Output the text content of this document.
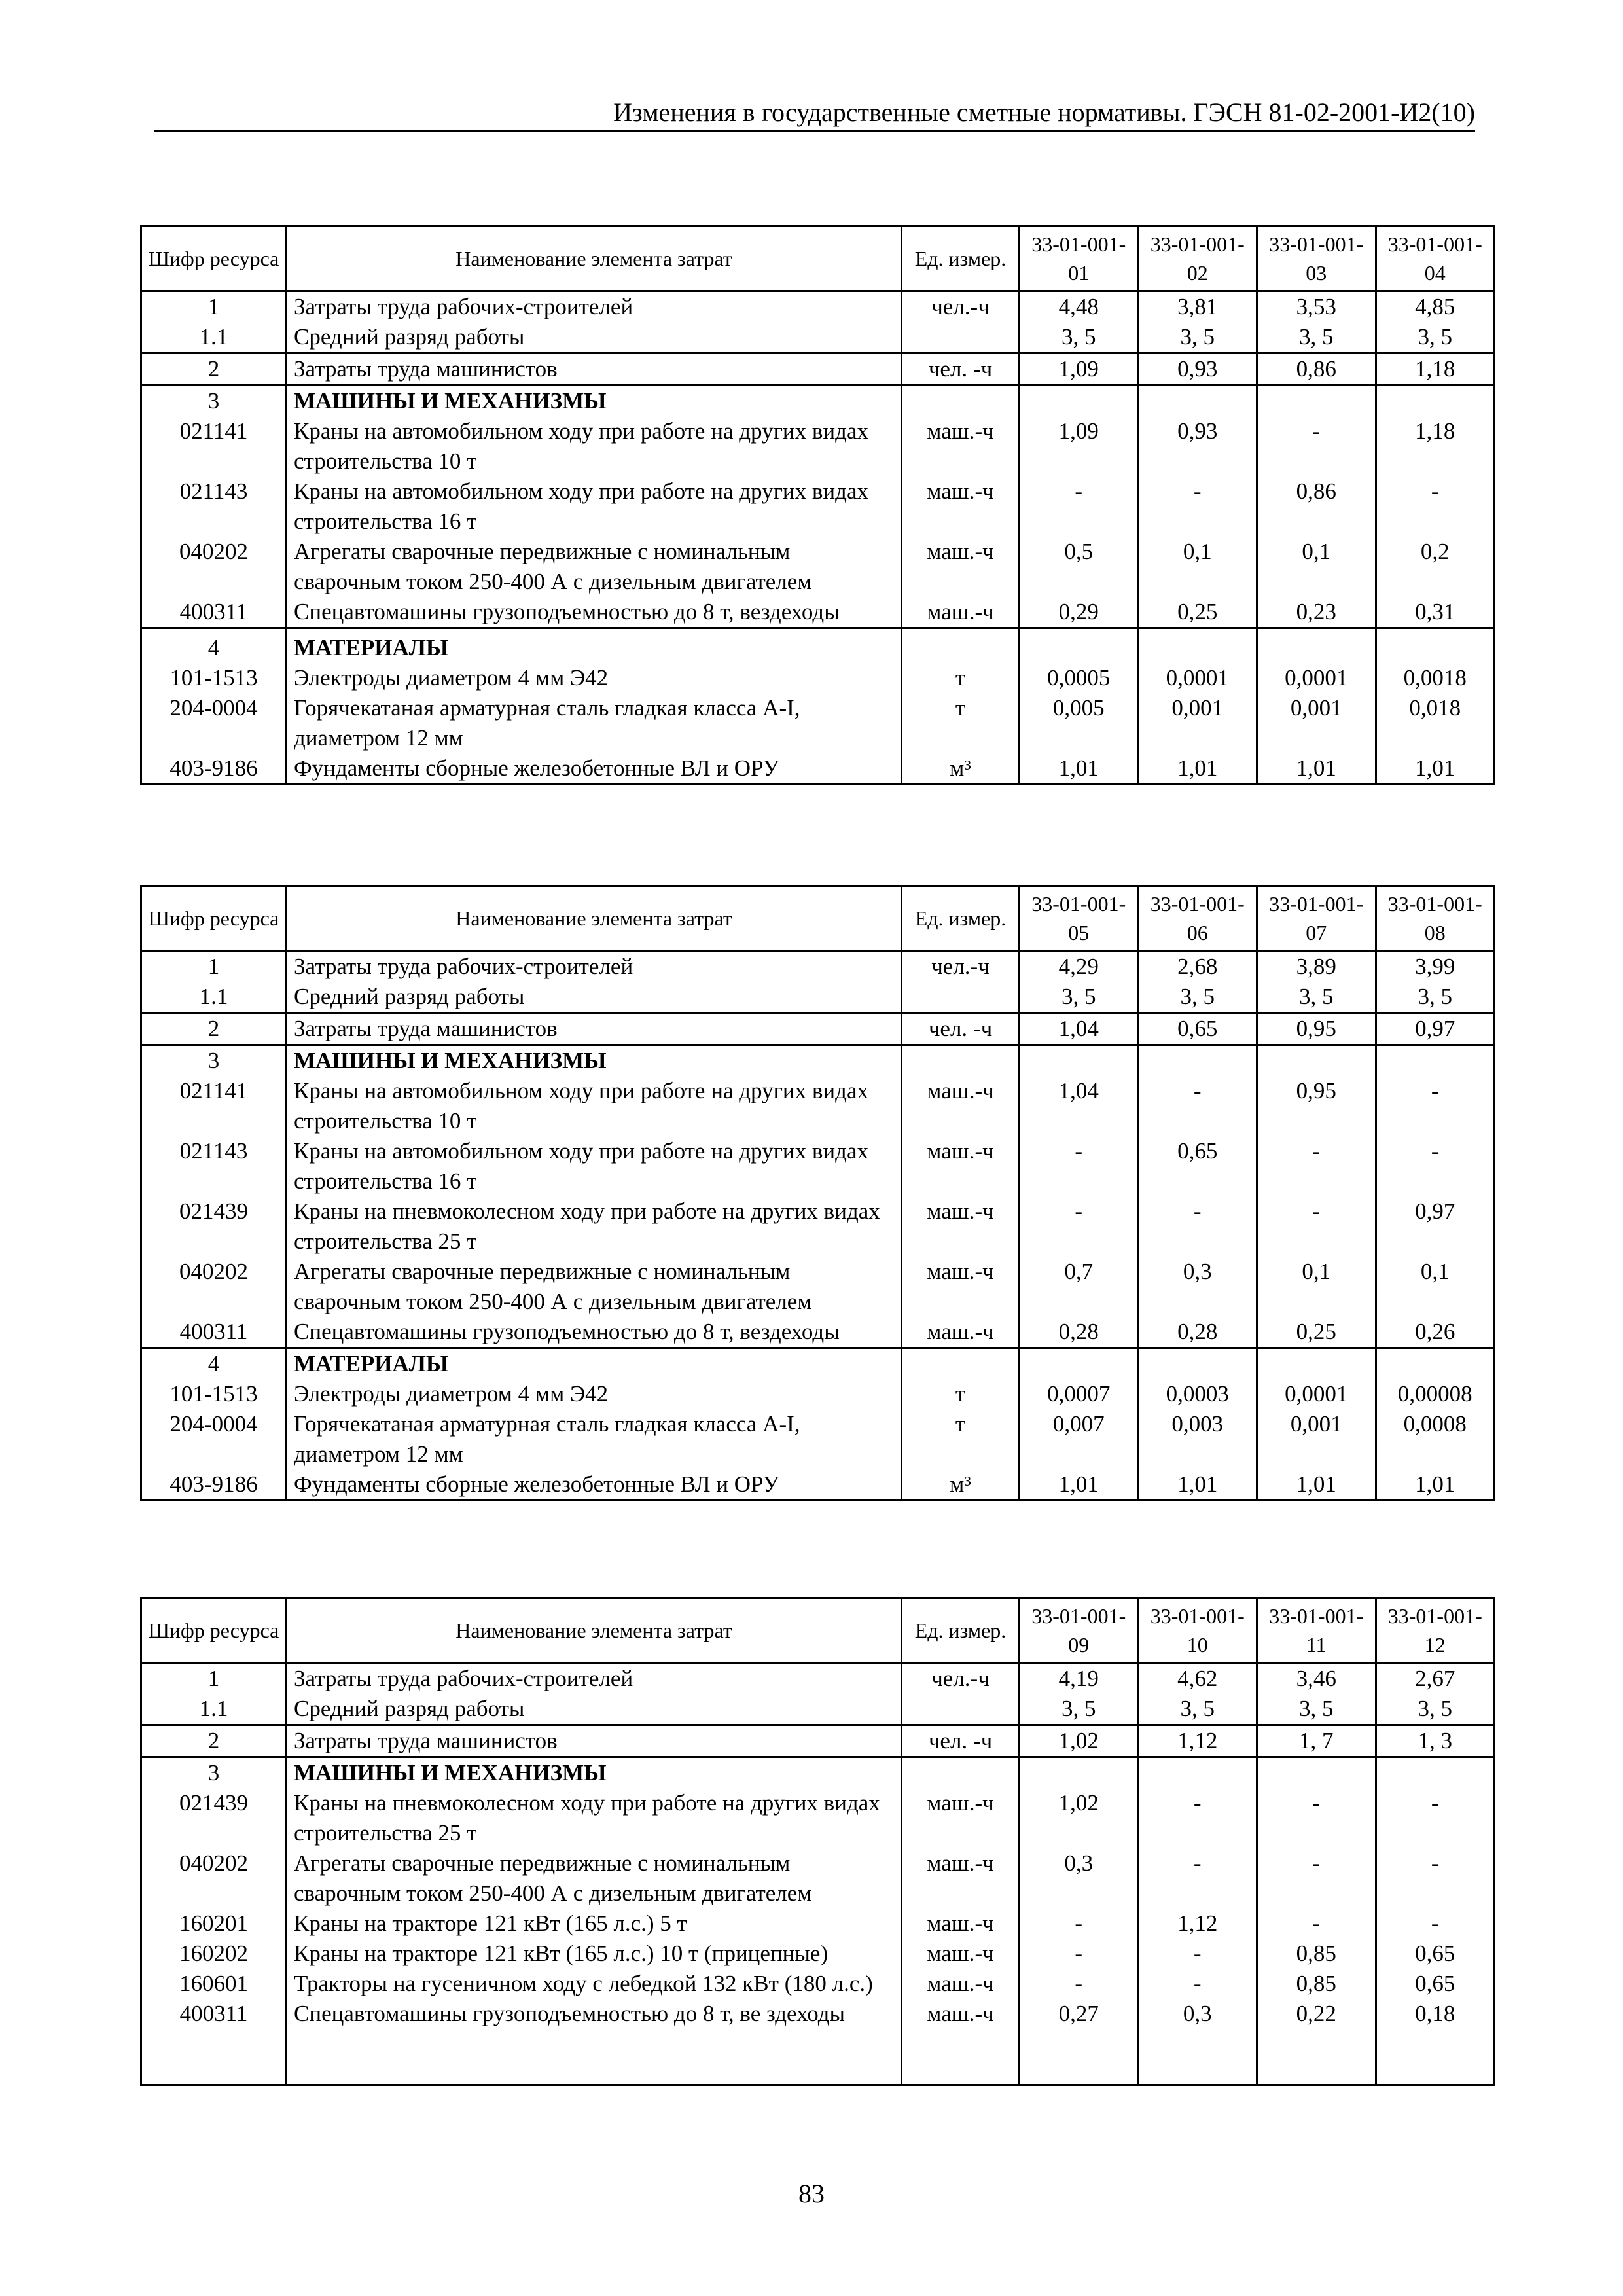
Изменения в государственные сметные нормативы. ГЭСН 81-02-2001-И2(10)
Шифр ресурса	Наименование элемента затрат	Ед. измер.	33-01-001-01	33-01-001-02	33-01-001-03	33-01-001-04
1	Затраты труда рабочих-строителей	чел.-ч	4,48	3,81	3,53	4,85
1.1	Средний разряд работы		3, 5	3, 5	3, 5	3, 5
2	Затраты труда машинистов	чел. -ч	1,09	0,93	0,86	1,18
3	МАШИНЫ И МЕХАНИЗМЫ					
021141	Краны на автомобильном ходу при работе на других видах строительства 10 т	маш.-ч	1,09	0,93	-	1,18
021143	Краны на автомобильном ходу при работе на других видах строительства 16 т	маш.-ч	-	-	0,86	-
040202	Агрегаты сварочные передвижные с номинальным сварочным током 250-400 А с дизельным двигателем	маш.-ч	0,5	0,1	0,1	0,2
400311	Спецавтомашины грузоподъемностью до 8 т, вездеходы	маш.-ч	0,29	0,25	0,23	0,31
4	МАТЕРИАЛЫ					
101-1513	Электроды диаметром 4 мм Э42	т	0,0005	0,0001	0,0001	0,0018
204-0004	Горячекатаная арматурная сталь гладкая класса А-I, диаметром 12 мм	т	0,005	0,001	0,001	0,018
403-9186	Фундаменты сборные железобетонные ВЛ и ОРУ	м³	1,01	1,01	1,01	1,01
Шифр ресурса	Наименование элемента затрат	Ед. измер.	33-01-001-05	33-01-001-06	33-01-001-07	33-01-001-08
1	Затраты труда рабочих-строителей	чел.-ч	4,29	2,68	3,89	3,99
1.1	Средний разряд работы		3, 5	3, 5	3, 5	3, 5
2	Затраты труда машинистов	чел. -ч	1,04	0,65	0,95	0,97
3	МАШИНЫ И МЕХАНИЗМЫ					
021141	Краны на автомобильном ходу при работе на других видах строительства 10 т	маш.-ч	1,04	-	0,95	-
021143	Краны на автомобильном ходу при работе на других видах строительства 16 т	маш.-ч	-	0,65	-	-
021439	Краны на пневмоколесном ходу при работе на других видах строительства 25 т	маш.-ч	-	-	-	0,97
040202	Агрегаты сварочные передвижные с номинальным сварочным током 250-400 А с дизельным двигателем	маш.-ч	0,7	0,3	0,1	0,1
400311	Спецавтомашины грузоподъемностью до 8 т, вездеходы	маш.-ч	0,28	0,28	0,25	0,26
4	МАТЕРИАЛЫ					
101-1513	Электроды диаметром 4 мм Э42	т	0,0007	0,0003	0,0001	0,00008
204-0004	Горячекатаная арматурная сталь гладкая класса А-I, диаметром 12 мм	т	0,007	0,003	0,001	0,0008
403-9186	Фундаменты сборные железобетонные ВЛ и ОРУ	м³	1,01	1,01	1,01	1,01
Шифр ресурса	Наименование элемента затрат	Ед. измер.	33-01-001-09	33-01-001-10	33-01-001-11	33-01-001-12
1	Затраты труда рабочих-строителей	чел.-ч	4,19	4,62	3,46	2,67
1.1	Средний разряд работы		3, 5	3, 5	3, 5	3, 5
2	Затраты труда машинистов	чел. -ч	1,02	1,12	1, 7	1, 3
3	МАШИНЫ И МЕХАНИЗМЫ					
021439	Краны на пневмоколесном ходу при работе на других видах строительства 25 т	маш.-ч	1,02	-	-	-
040202	Агрегаты сварочные передвижные с номинальным сварочным током 250-400 А с дизельным двигателем	маш.-ч	0,3	-	-	-
160201	Краны на тракторе 121 кВт (165 л.с.) 5 т	маш.-ч	-	1,12	-	-
160202	Краны на тракторе 121 кВт (165 л.с.) 10 т (прицепные)	маш.-ч	-	-	0,85	0,65
160601	Тракторы на гусеничном ходу с лебедкой 132 кВт (180 л.с.)	маш.-ч	-	-	0,85	0,65
400311	Спецавтомашины грузоподъемностью до 8 т, ве здеходы	маш.-ч	0,27	0,3	0,22	0,18
83
